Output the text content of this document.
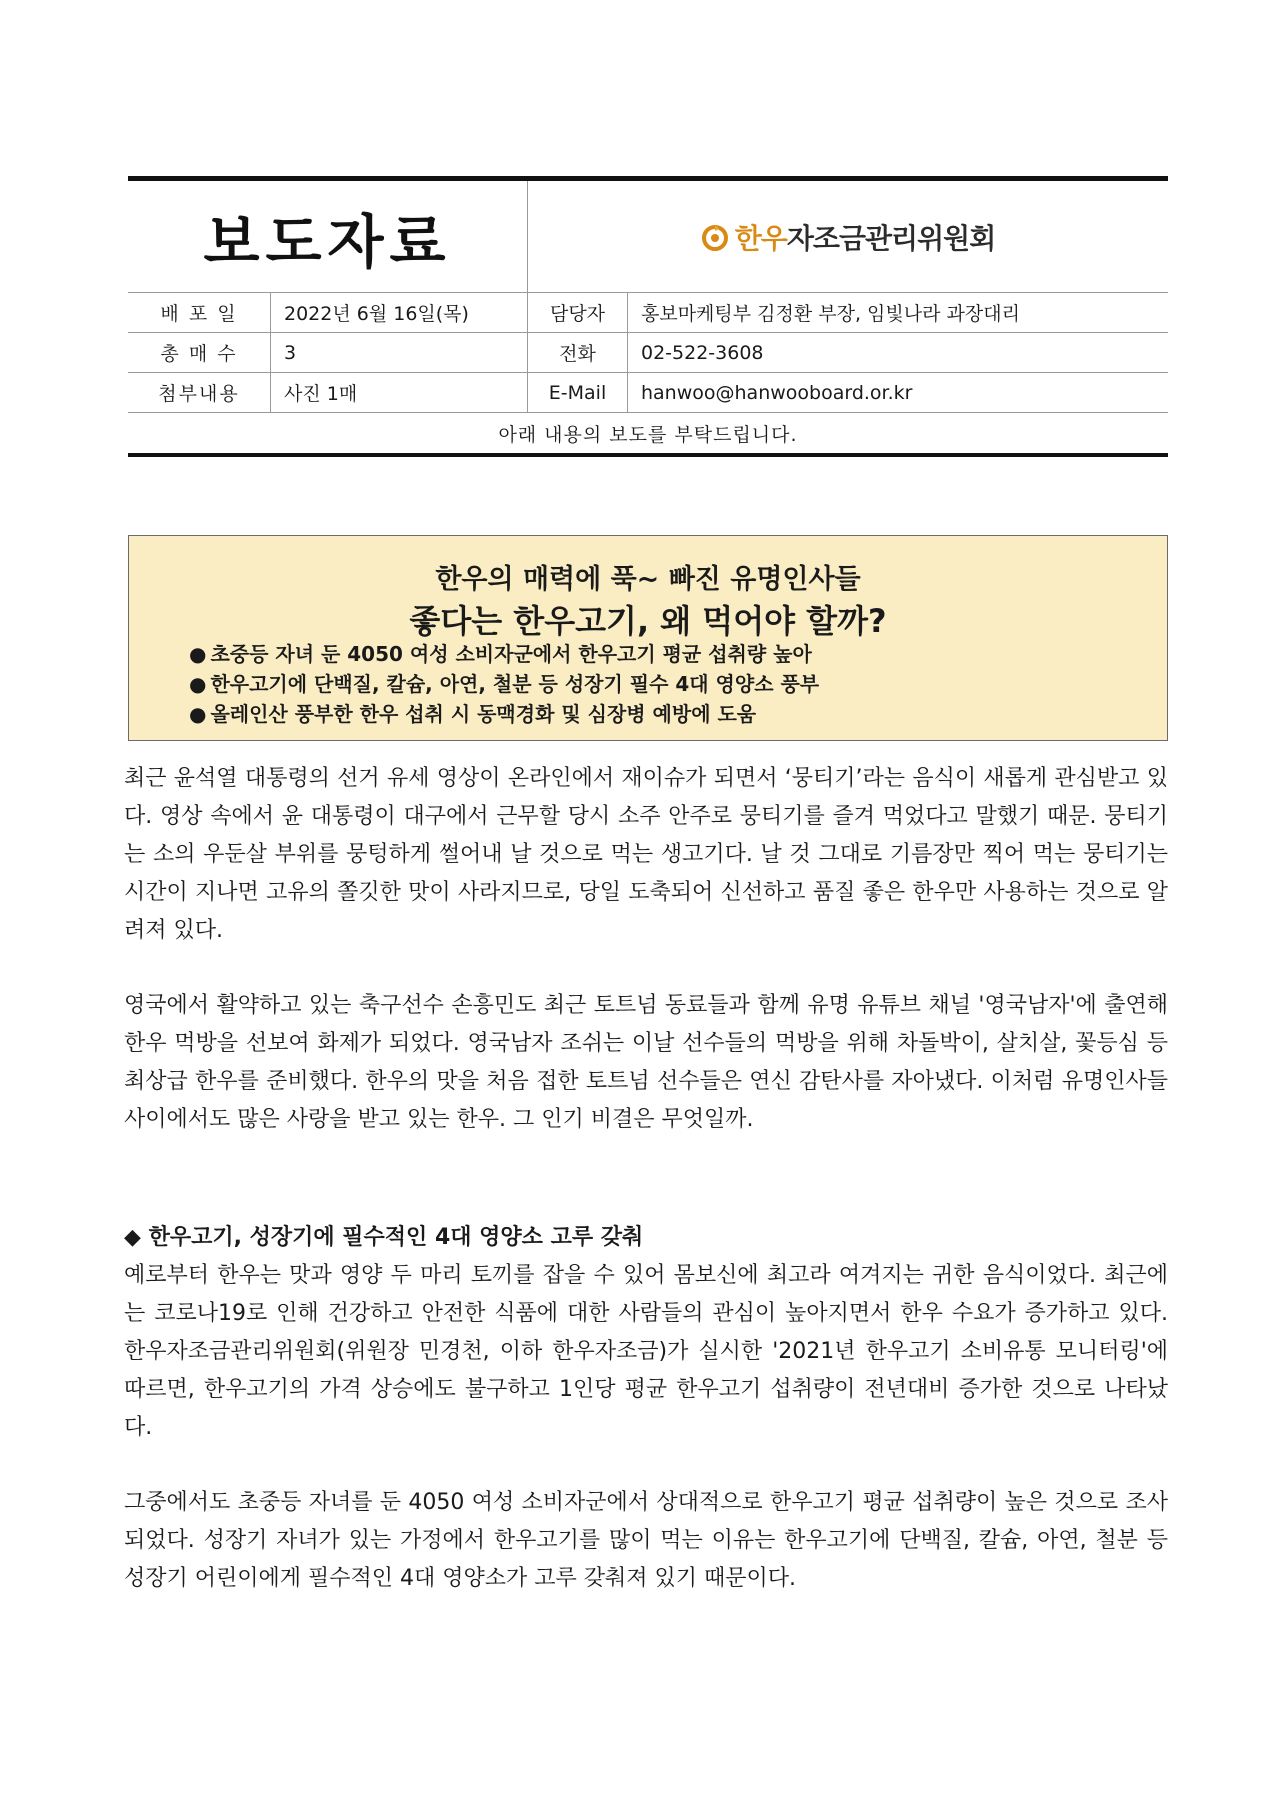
보도자료	한우자조금관리위원회
배 포 일	2022년 6월 16일(목)	담당자	홍보마케팅부 김정환 부장, 임빛나라 과장대리
총 매 수	3	전화	02-522-3608
첨부내용	사진 1매	E-Mail	hanwoo@hanwooboard.or.kr
아래 내용의 보도를 부탁드립니다.
한우의 매력에 푹~ 빠진 유명인사들
좋다는 한우고기, 왜 먹어야 할까?
● 초중등 자녀 둔 4050 여성 소비자군에서 한우고기 평균 섭취량 높아
● 한우고기에 단백질, 칼슘, 아연, 철분 등 성장기 필수 4대 영양소 풍부
● 올레인산 풍부한 한우 섭취 시 동맥경화 및 심장병 예방에 도움

최근 윤석열 대통령의 선거 유세 영상이 온라인에서 재이슈가 되면서 ‘뭉티기’라는 음식이 새롭게 관심받고 있다. 영상 속에서 윤 대통령이 대구에서 근무할 당시 소주 안주로 뭉티기를 즐겨 먹었다고 말했기 때문. 뭉티기는 소의 우둔살 부위를 뭉텅하게 썰어내 날 것으로 먹는 생고기다. 날 것 그대로 기름장만 찍어 먹는 뭉티기는 시간이 지나면 고유의 쫄깃한 맛이 사라지므로, 당일 도축되어 신선하고 품질 좋은 한우만 사용하는 것으로 알려져 있다.

영국에서 활약하고 있는 축구선수 손흥민도 최근 토트넘 동료들과 함께 유명 유튜브 채널 '영국남자'에 출연해 한우 먹방을 선보여 화제가 되었다. 영국남자 조쉬는 이날 선수들의 먹방을 위해 차돌박이, 살치살, 꽃등심 등 최상급 한우를 준비했다. 한우의 맛을 처음 접한 토트넘 선수들은 연신 감탄사를 자아냈다. 이처럼 유명인사들 사이에서도 많은 사랑을 받고 있는 한우. 그 인기 비결은 무엇일까.

◆ 한우고기, 성장기에 필수적인 4대 영양소 고루 갖춰

예로부터 한우는 맛과 영양 두 마리 토끼를 잡을 수 있어 몸보신에 최고라 여겨지는 귀한 음식이었다. 최근에는 코로나19로 인해 건강하고 안전한 식품에 대한 사람들의 관심이 높아지면서 한우 수요가 증가하고 있다. 한우자조금관리위원회(위원장 민경천, 이하 한우자조금)가 실시한 '2021년 한우고기 소비유통 모니터링'에 따르면, 한우고기의 가격 상승에도 불구하고 1인당 평균 한우고기 섭취량이 전년대비 증가한 것으로 나타났다.

그중에서도 초중등 자녀를 둔 4050 여성 소비자군에서 상대적으로 한우고기 평균 섭취량이 높은 것으로 조사되었다. 성장기 자녀가 있는 가정에서 한우고기를 많이 먹는 이유는 한우고기에 단백질, 칼슘, 아연, 철분 등 성장기 어린이에게 필수적인 4대 영양소가 고루 갖춰져 있기 때문이다.
